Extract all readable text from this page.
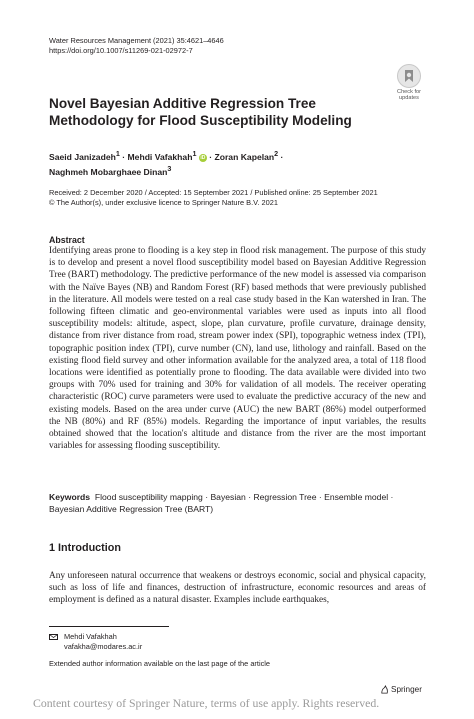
Water Resources Management (2021) 35:4621–4646
https://doi.org/10.1007/s11269-021-02972-7
Check for
updates
Novel Bayesian Additive Regression Tree Methodology for Flood Susceptibility Modeling
Saeid Janizadeh$^1$ · Mehdi Vafakhah$^1$ iD · Zoran Kapelan$^2$ ·
Naghmeh Mobarghaee Dinan$^3$
Received: 2 December 2020 / Accepted: 15 September 2021 / Published online: 25 September 2021
© The Author(s), under exclusive licence to Springer Nature B.V. 2021
Abstract

Identifying areas prone to flooding is a key step in flood risk management. The purpose of this study is to develop and present a novel flood susceptibility model based on Bayesian Additive Regression Tree (BART) methodology. The predictive performance of the new model is assessed via comparison with the Naïve Bayes (NB) and Random Forest (RF) based methods that were previously published in the literature. All models were tested on a real case study based in the Kan watershed in Iran. The following fifteen climatic and geo-environmental variables were used as inputs into all flood susceptibility models: altitude, aspect, slope, plan curvature, profile curvature, drainage density, distance from river distance from road, stream power index (SPI), topographic wetness index (TPI), topographic position index (TPI), curve number (CN), land use, lithology and rainfall. Based on the existing flood field survey and other information available for the analyzed area, a total of 118 flood locations were identified as potentially prone to flooding. The data available were divided into two groups with 70% used for training and 30% for validation of all models. The receiver operating characteristic (ROC) curve parameters were used to evaluate the predictive accuracy of the new and existing models. Based on the area under curve (AUC) the new BART (86%) model outperformed the NB (80%) and RF (85%) models. Regarding the importance of input variables, the results obtained showed that the location's altitude and distance from the river are the most important variables for assessing flooding susceptibility.

Keywords Flood susceptibility mapping · Bayesian · Regression Tree · Ensemble model · Bayesian Additive Regression Tree (BART)
1 Introduction

Any unforeseen natural occurrence that weakens or destroys economic, social and physical capacity, such as loss of life and finances, destruction of infrastructure, economic resources and areas of employment is defined as a natural disaster. Examples include earthquakes,

Mehdi Vafakhah
vafakha@modares.ac.ir
Extended author information available on the last page of the article
Springer
Content courtesy of Springer Nature, terms of use apply. Rights reserved.
